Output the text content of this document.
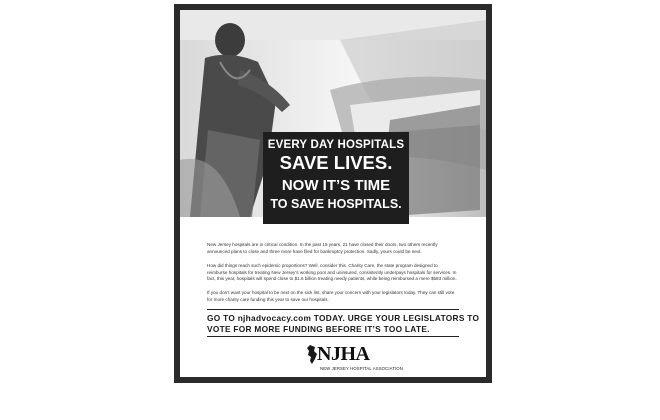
EVERY DAY HOSPITALS
SAVE LIVES.
NOW IT’S TIME
TO SAVE HOSPITALS.
New Jersey hospitals are in critical condition. In the past 15 years, 21 have closed their doors, two others recently announced plans to close and three more have filed for bankruptcy protection. Sadly, yours could be next.
How did things reach such epidemic proportions? Well, consider this. Charity Care, the state program designed to reimburse hospitals for treating New Jersey’s working poor and uninsured, consistently underpays hospitals for services. In fact, this year, hospitals will spend close to $1.6 billion treating needy patients, while being reimbursed a mere $583 million.
If you don’t want your hospital to be next on the sick list, share your concern with your legislators today. They can still vote for more charity care funding this year to save our hospitals.
GO TO njhadvocacy.com TODAY. URGE YOUR LEGISLATORS TO
VOTE FOR MORE FUNDING BEFORE IT’S TOO LATE.
NJHA
NEW JERSEY HOSPITAL ASSOCIATION
